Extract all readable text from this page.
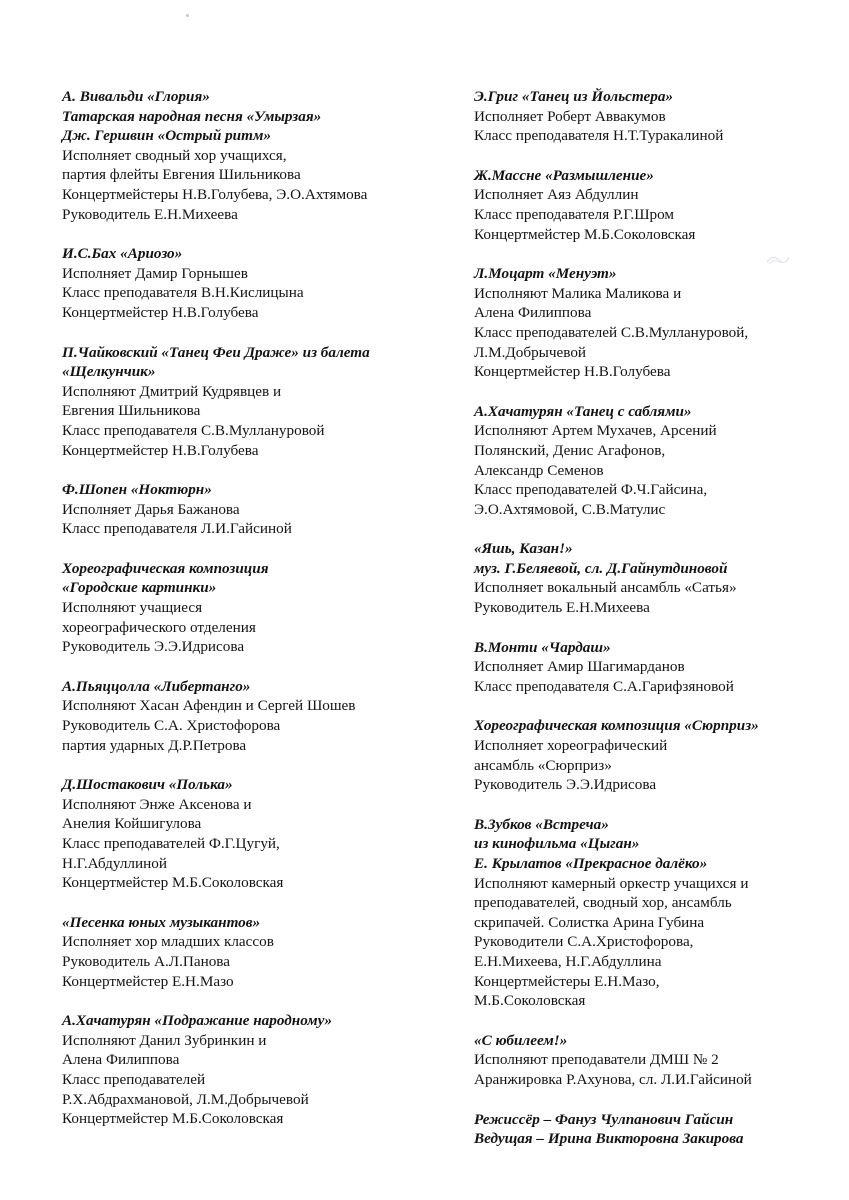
А. Вивальди «Глория»
Татарская народная песня «Умырзая»
Дж. Гершвин «Острый ритм»
Исполняет сводный хор учащихся,
партия флейты Евгения Шильникова
Концертмейстеры Н.В.Голубева, Э.О.Ахтямова
Руководитель Е.Н.Михеева
И.С.Бах «Ариозо»
Исполняет Дамир Горнышев
Класс преподавателя В.Н.Кислицына
Концертмейстер Н.В.Голубева
П.Чайковский «Танец Феи Драже» из балета
«Щелкунчик»
Исполняют Дмитрий Кудрявцев и
Евгения Шильникова
Класс преподавателя С.В.Муллануровой
Концертмейстер Н.В.Голубева
Ф.Шопен «Ноктюрн»
Исполняет Дарья Бажанова
Класс преподавателя Л.И.Гайсиной
Хореографическая композиция
«Городские картинки»
Исполняют учащиеся
хореографического отделения
Руководитель Э.Э.Идрисова
А.Пьяццолла «Либертанго»
Исполняют Хасан Афендин и Сергей Шошев
Руководитель С.А. Христофорова
партия ударных Д.Р.Петрова
Д.Шостакович «Полька»
Исполняют Энже Аксенова и
Анелия Койшигулова
Класс преподавателей Ф.Г.Цугуй,
Н.Г.Абдуллиной
Концертмейстер М.Б.Соколовская
«Песенка юных музыкантов»
Исполняет хор младших классов
Руководитель А.Л.Панова
Концертмейстер Е.Н.Мазо
А.Хачатурян «Подражание народному»
Исполняют Данил Зубринкин и
Алена Филиппова
Класс преподавателей
Р.Х.Абдрахмановой, Л.М.Добрычевой
Концертмейстер М.Б.Соколовская
Э.Григ «Танец из Йольстера»
Исполняет Роберт Аввакумов
Класс преподавателя Н.Т.Туракалиной
Ж.Массне «Размышление»
Исполняет Аяз Абдуллин
Класс преподавателя Р.Г.Шром
Концертмейстер М.Б.Соколовская
Л.Моцарт «Менуэт»
Исполняют Малика Маликова и
Алена Филиппова
Класс преподавателей С.В.Муллануровой,
Л.М.Добрычевой
Концертмейстер Н.В.Голубева
А.Хачатурян «Танец с саблями»
Исполняют Артем Мухачев, Арсений
Полянский, Денис Агафонов,
Александр Семенов
Класс преподавателей Ф.Ч.Гайсина,
Э.О.Ахтямовой, С.В.Матулис
«Яшь, Казан!»
муз. Г.Беляевой, сл. Д.Гайнутдиновой
Исполняет вокальный ансамбль «Сатья»
Руководитель Е.Н.Михеева
В.Монти «Чардаш»
Исполняет Амир Шагимарданов
Класс преподавателя С.А.Гарифзяновой
Хореографическая композиция «Сюрприз»
Исполняет хореографический
ансамбль «Сюрприз»
Руководитель Э.Э.Идрисова
В.Зубков «Встреча»
из кинофильма «Цыган»
Е. Крылатов «Прекрасное далёко»
Исполняют камерный оркестр учащихся и
преподавателей, сводный хор, ансамбль
скрипачей. Солистка Арина Губина
Руководители С.А.Христофорова,
Е.Н.Михеева, Н.Г.Абдуллина
Концертмейстеры Е.Н.Мазо,
М.Б.Соколовская
«С юбилеем!»
Исполняют преподаватели ДМШ № 2
Аранжировка Р.Ахунова, сл. Л.И.Гайсиной
Режиссёр – Фануз Чулпанович Гайсин
Ведущая – Ирина Викторовна Закирова
